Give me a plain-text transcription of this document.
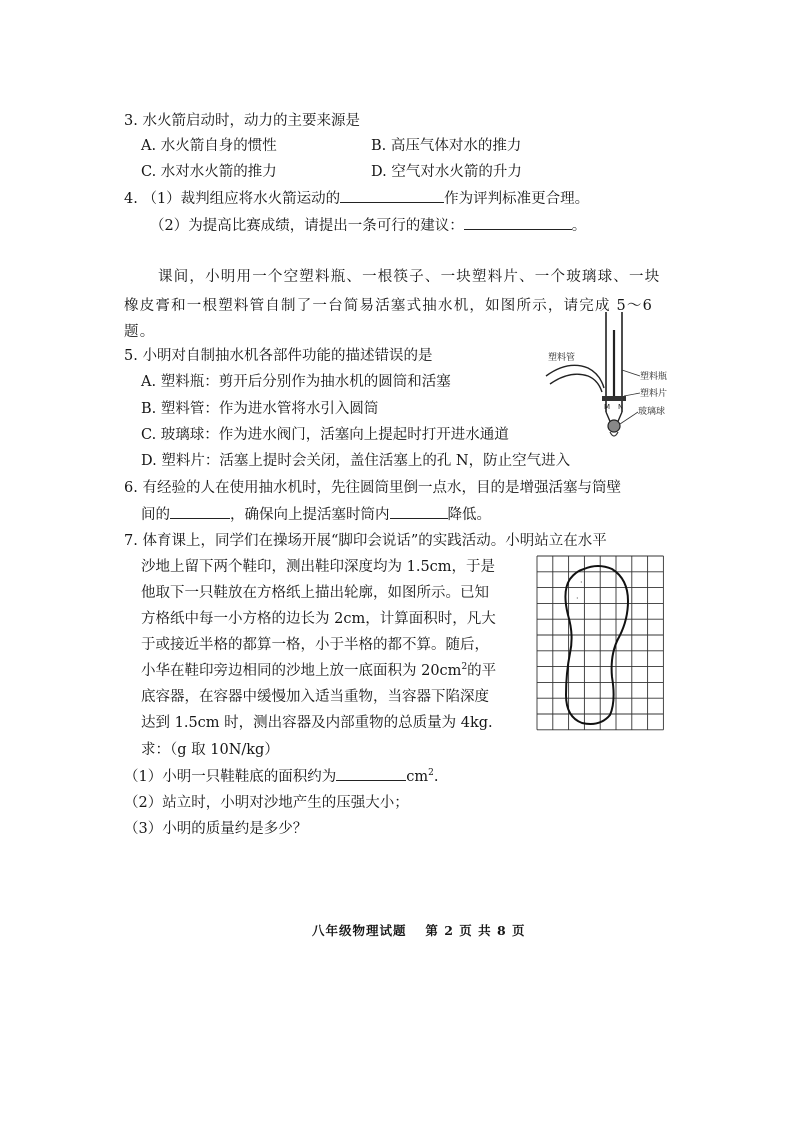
3. 水火箭启动时，动力的主要来源是
A. 水火箭自身的惯性	B. 高压气体对水的推力
C. 水对水火箭的推力	D. 空气对水火箭的升力
4. （1）裁判组应将水火箭运动的	作为评判标准更合理。
（2）为提高比赛成绩，请提出一条可行的建议：	。
课间，小明用一个空塑料瓶、一根筷子、一块塑料片、一个玻璃球、一块
橡皮膏和一根塑料管自制了一台简易活塞式抽水机，如图所示，请完成 5～6
题。
塑料管
塑料瓶
塑料片
玻璃球
M N
5. 小明对自制抽水机各部件功能的描述错误的是
A. 塑料瓶：剪开后分别作为抽水机的圆筒和活塞
B. 塑料管：作为进水管将水引入圆筒
C. 玻璃球：作为进水阀门，活塞向上提起时打开进水通道
D. 塑料片：活塞上提时会关闭，盖住活塞上的孔 N，防止空气进入
6. 有经验的人在使用抽水机时，先往圆筒里倒一点水，目的是增强活塞与筒壁
间的	，确保向上提活塞时筒内	降低。
7. 体育课上，同学们在操场开展“脚印会说话”的实践活动。小明站立在水平
沙地上留下两个鞋印，测出鞋印深度均为 1.5cm，于是
他取下一只鞋放在方格纸上描出轮廓，如图所示。已知
方格纸中每一小方格的边长为 2cm，计算面积时，凡大
于或接近半格的都算一格，小于半格的都不算。随后，
小华在鞋印旁边相同的沙地上放一底面积为 $20cm^2$的平
底容器，在容器中缓慢加入适当重物，当容器下陷深度
达到 1.5cm 时，测出容器及内部重物的总质量为 4kg.
求：（g 取 10N/kg）
·
·
（1）小明一只鞋鞋底的面积约为	$cm^2$.
（2）站立时，小明对沙地产生的压强大小；
（3）小明的质量约是多少？
八年级物理试题　 第 2 页 共 8 页
